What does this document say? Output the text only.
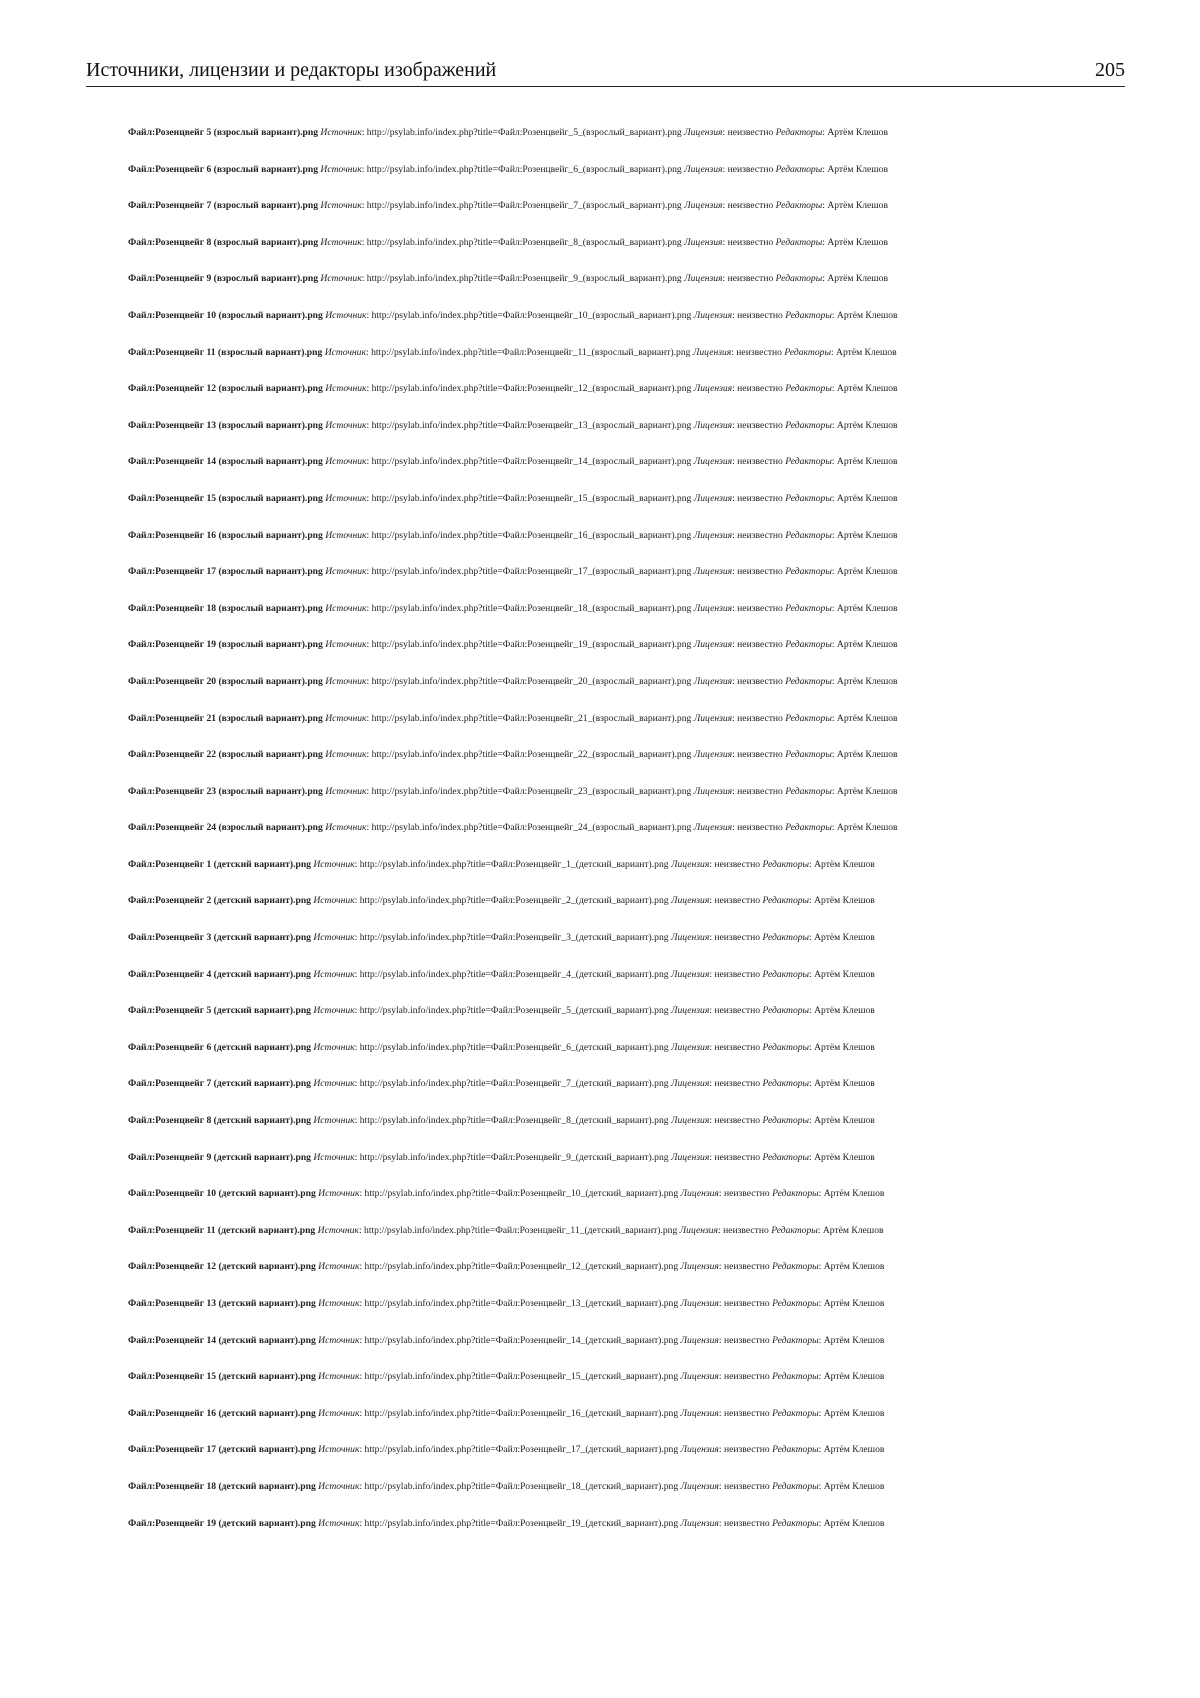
Источники, лицензии и редакторы изображений	205
Файл:Розенцвейг 5 (взрослый вариант).png Источник: http://psylab.info/index.php?title=Файл:Розенцвейг_5_(взрослый_вариант).png Лицензия: неизвестно Редакторы: Артём Клешов
Файл:Розенцвейг 6 (взрослый вариант).png Источник: http://psylab.info/index.php?title=Файл:Розенцвейг_6_(взрослый_вариант).png Лицензия: неизвестно Редакторы: Артём Клешов
Файл:Розенцвейг 7 (взрослый вариант).png Источник: http://psylab.info/index.php?title=Файл:Розенцвейг_7_(взрослый_вариант).png Лицензия: неизвестно Редакторы: Артём Клешов
Файл:Розенцвейг 8 (взрослый вариант).png Источник: http://psylab.info/index.php?title=Файл:Розенцвейг_8_(взрослый_вариант).png Лицензия: неизвестно Редакторы: Артём Клешов
Файл:Розенцвейг 9 (взрослый вариант).png Источник: http://psylab.info/index.php?title=Файл:Розенцвейг_9_(взрослый_вариант).png Лицензия: неизвестно Редакторы: Артём Клешов
Файл:Розенцвейг 10 (взрослый вариант).png Источник: http://psylab.info/index.php?title=Файл:Розенцвейг_10_(взрослый_вариант).png Лицензия: неизвестно Редакторы: Артём Клешов
Файл:Розенцвейг 11 (взрослый вариант).png Источник: http://psylab.info/index.php?title=Файл:Розенцвейг_11_(взрослый_вариант).png Лицензия: неизвестно Редакторы: Артём Клешов
Файл:Розенцвейг 12 (взрослый вариант).png Источник: http://psylab.info/index.php?title=Файл:Розенцвейг_12_(взрослый_вариант).png Лицензия: неизвестно Редакторы: Артём Клешов
Файл:Розенцвейг 13 (взрослый вариант).png Источник: http://psylab.info/index.php?title=Файл:Розенцвейг_13_(взрослый_вариант).png Лицензия: неизвестно Редакторы: Артём Клешов
Файл:Розенцвейг 14 (взрослый вариант).png Источник: http://psylab.info/index.php?title=Файл:Розенцвейг_14_(взрослый_вариант).png Лицензия: неизвестно Редакторы: Артём Клешов
Файл:Розенцвейг 15 (взрослый вариант).png Источник: http://psylab.info/index.php?title=Файл:Розенцвейг_15_(взрослый_вариант).png Лицензия: неизвестно Редакторы: Артём Клешов
Файл:Розенцвейг 16 (взрослый вариант).png Источник: http://psylab.info/index.php?title=Файл:Розенцвейг_16_(взрослый_вариант).png Лицензия: неизвестно Редакторы: Артём Клешов
Файл:Розенцвейг 17 (взрослый вариант).png Источник: http://psylab.info/index.php?title=Файл:Розенцвейг_17_(взрослый_вариант).png Лицензия: неизвестно Редакторы: Артём Клешов
Файл:Розенцвейг 18 (взрослый вариант).png Источник: http://psylab.info/index.php?title=Файл:Розенцвейг_18_(взрослый_вариант).png Лицензия: неизвестно Редакторы: Артём Клешов
Файл:Розенцвейг 19 (взрослый вариант).png Источник: http://psylab.info/index.php?title=Файл:Розенцвейг_19_(взрослый_вариант).png Лицензия: неизвестно Редакторы: Артём Клешов
Файл:Розенцвейг 20 (взрослый вариант).png Источник: http://psylab.info/index.php?title=Файл:Розенцвейг_20_(взрослый_вариант).png Лицензия: неизвестно Редакторы: Артём Клешов
Файл:Розенцвейг 21 (взрослый вариант).png Источник: http://psylab.info/index.php?title=Файл:Розенцвейг_21_(взрослый_вариант).png Лицензия: неизвестно Редакторы: Артём Клешов
Файл:Розенцвейг 22 (взрослый вариант).png Источник: http://psylab.info/index.php?title=Файл:Розенцвейг_22_(взрослый_вариант).png Лицензия: неизвестно Редакторы: Артём Клешов
Файл:Розенцвейг 23 (взрослый вариант).png Источник: http://psylab.info/index.php?title=Файл:Розенцвейг_23_(взрослый_вариант).png Лицензия: неизвестно Редакторы: Артём Клешов
Файл:Розенцвейг 24 (взрослый вариант).png Источник: http://psylab.info/index.php?title=Файл:Розенцвейг_24_(взрослый_вариант).png Лицензия: неизвестно Редакторы: Артём Клешов
Файл:Розенцвейг 1 (детский вариант).png Источник: http://psylab.info/index.php?title=Файл:Розенцвейг_1_(детский_вариант).png Лицензия: неизвестно Редакторы: Артём Клешов
Файл:Розенцвейг 2 (детский вариант).png Источник: http://psylab.info/index.php?title=Файл:Розенцвейг_2_(детский_вариант).png Лицензия: неизвестно Редакторы: Артём Клешов
Файл:Розенцвейг 3 (детский вариант).png Источник: http://psylab.info/index.php?title=Файл:Розенцвейг_3_(детский_вариант).png Лицензия: неизвестно Редакторы: Артём Клешов
Файл:Розенцвейг 4 (детский вариант).png Источник: http://psylab.info/index.php?title=Файл:Розенцвейг_4_(детский_вариант).png Лицензия: неизвестно Редакторы: Артём Клешов
Файл:Розенцвейг 5 (детский вариант).png Источник: http://psylab.info/index.php?title=Файл:Розенцвейг_5_(детский_вариант).png Лицензия: неизвестно Редакторы: Артём Клешов
Файл:Розенцвейг 6 (детский вариант).png Источник: http://psylab.info/index.php?title=Файл:Розенцвейг_6_(детский_вариант).png Лицензия: неизвестно Редакторы: Артём Клешов
Файл:Розенцвейг 7 (детский вариант).png Источник: http://psylab.info/index.php?title=Файл:Розенцвейг_7_(детский_вариант).png Лицензия: неизвестно Редакторы: Артём Клешов
Файл:Розенцвейг 8 (детский вариант).png Источник: http://psylab.info/index.php?title=Файл:Розенцвейг_8_(детский_вариант).png Лицензия: неизвестно Редакторы: Артём Клешов
Файл:Розенцвейг 9 (детский вариант).png Источник: http://psylab.info/index.php?title=Файл:Розенцвейг_9_(детский_вариант).png Лицензия: неизвестно Редакторы: Артём Клешов
Файл:Розенцвейг 10 (детский вариант).png Источник: http://psylab.info/index.php?title=Файл:Розенцвейг_10_(детский_вариант).png Лицензия: неизвестно Редакторы: Артём Клешов
Файл:Розенцвейг 11 (детский вариант).png Источник: http://psylab.info/index.php?title=Файл:Розенцвейг_11_(детский_вариант).png Лицензия: неизвестно Редакторы: Артём Клешов
Файл:Розенцвейг 12 (детский вариант).png Источник: http://psylab.info/index.php?title=Файл:Розенцвейг_12_(детский_вариант).png Лицензия: неизвестно Редакторы: Артём Клешов
Файл:Розенцвейг 13 (детский вариант).png Источник: http://psylab.info/index.php?title=Файл:Розенцвейг_13_(детский_вариант).png Лицензия: неизвестно Редакторы: Артём Клешов
Файл:Розенцвейг 14 (детский вариант).png Источник: http://psylab.info/index.php?title=Файл:Розенцвейг_14_(детский_вариант).png Лицензия: неизвестно Редакторы: Артём Клешов
Файл:Розенцвейг 15 (детский вариант).png Источник: http://psylab.info/index.php?title=Файл:Розенцвейг_15_(детский_вариант).png Лицензия: неизвестно Редакторы: Артём Клешов
Файл:Розенцвейг 16 (детский вариант).png Источник: http://psylab.info/index.php?title=Файл:Розенцвейг_16_(детский_вариант).png Лицензия: неизвестно Редакторы: Артём Клешов
Файл:Розенцвейг 17 (детский вариант).png Источник: http://psylab.info/index.php?title=Файл:Розенцвейг_17_(детский_вариант).png Лицензия: неизвестно Редакторы: Артём Клешов
Файл:Розенцвейг 18 (детский вариант).png Источник: http://psylab.info/index.php?title=Файл:Розенцвейг_18_(детский_вариант).png Лицензия: неизвестно Редакторы: Артём Клешов
Файл:Розенцвейг 19 (детский вариант).png Источник: http://psylab.info/index.php?title=Файл:Розенцвейг_19_(детский_вариант).png Лицензия: неизвестно Редакторы: Артём Клешов
